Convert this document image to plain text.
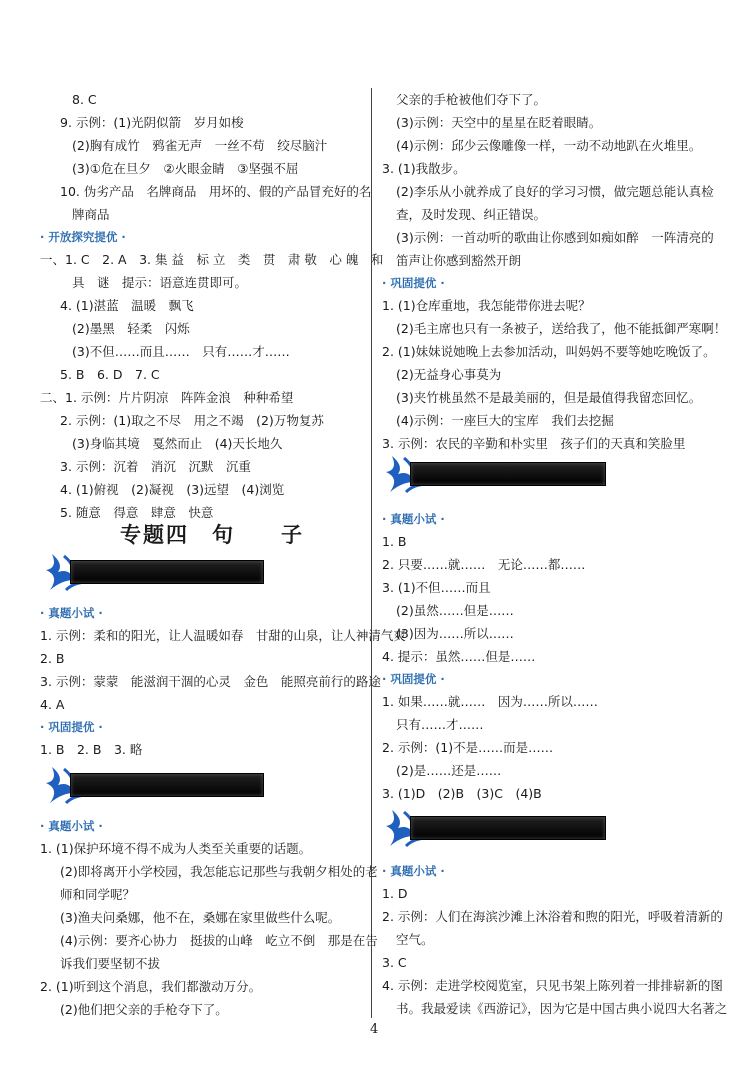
8. C
9. 示例：(1)光阴似箭　岁月如梭
(2)胸有成竹　鸦雀无声　一丝不苟　绞尽脑汁
(3)①危在旦夕　②火眼金睛　③坚强不屈
10. 伪劣产品　名牌商品　用坏的、假的产品冒充好的名
牌商品
· 开放探究提优 ·
一、1. C　2. A　3. 集 益　标 立　类　贯　肃 敬　心 魄　和
具　谜　提示：语意连贯即可。
4. (1)湛蓝　温暖　飘飞
(2)墨黑　轻柔　闪烁
(3)不但……而且……　只有……才……
5. B　6. D　7. C
二、1. 示例：片片阴凉　阵阵金浪　种种希望
2. 示例：(1)取之不尽　用之不竭　(2)万物复苏
(3)身临其境　戛然而止　(4)天长地久
3. 示例：沉着　消沉　沉默　沉重
4. (1)俯视　(2)凝视　(3)远望　(4)浏览
5. 随意　得意　肆意　快意
专题四　句　　子
· 真题小试 ·
1. 示例：柔和的阳光，让人温暖如春　甘甜的山泉，让人神清气爽
2. B
3. 示例：蒙蒙　能滋润干涸的心灵　金色　能照亮前行的路途
4. A
· 巩固提优 ·
1. B　2. B　3. 略
· 真题小试 ·
1. (1)保护环境不得不成为人类至关重要的话题。
(2)即将离开小学校园，我怎能忘记那些与我朝夕相处的老
师和同学呢？
(3)渔夫问桑娜，他不在，桑娜在家里做些什么呢。
(4)示例：要齐心协力　挺拔的山峰　屹立不倒　那是在告
诉我们要坚韧不拔
2. (1)听到这个消息，我们都激动万分。
(2)他们把父亲的手枪夺下了。
父亲的手枪被他们夺下了。
(3)示例：天空中的星星在眨着眼睛。
(4)示例：邱少云像雕像一样，一动不动地趴在火堆里。
3. (1)我散步。
(2)李乐从小就养成了良好的学习习惯，做完题总能认真检
查，及时发现、纠正错误。
(3)示例：一首动听的歌曲让你感到如痴如醉　一阵清亮的
笛声让你感到豁然开朗
· 巩固提优 ·
1. (1)仓库重地，我怎能带你进去呢？
(2)毛主席也只有一条被子，送给我了，他不能抵御严寒啊！
2. (1)妹妹说她晚上去参加活动，叫妈妈不要等她吃晚饭了。
(2)无益身心事莫为
(3)夹竹桃虽然不是最美丽的，但是最值得我留恋回忆。
(4)示例：一座巨大的宝库　我们去挖掘
3. 示例：农民的辛勤和朴实里　孩子们的天真和笑脸里
· 真题小试 ·
1. B
2. 只要……就……　无论……都……
3. (1)不但……而且
(2)虽然……但是……
(3)因为……所以……
4. 提示：虽然……但是……
· 巩固提优 ·
1. 如果……就……　因为……所以……
只有……才……
2. 示例：(1)不是……而是……
(2)是……还是……
3. (1)D　(2)B　(3)C　(4)B
· 真题小试 ·
1. D
2. 示例：人们在海滨沙滩上沐浴着和煦的阳光，呼吸着清新的
空气。
3. C
4. 示例：走进学校阅览室，只见书架上陈列着一排排崭新的图
书。我最爱读《西游记》，因为它是中国古典小说四大名著之
4
